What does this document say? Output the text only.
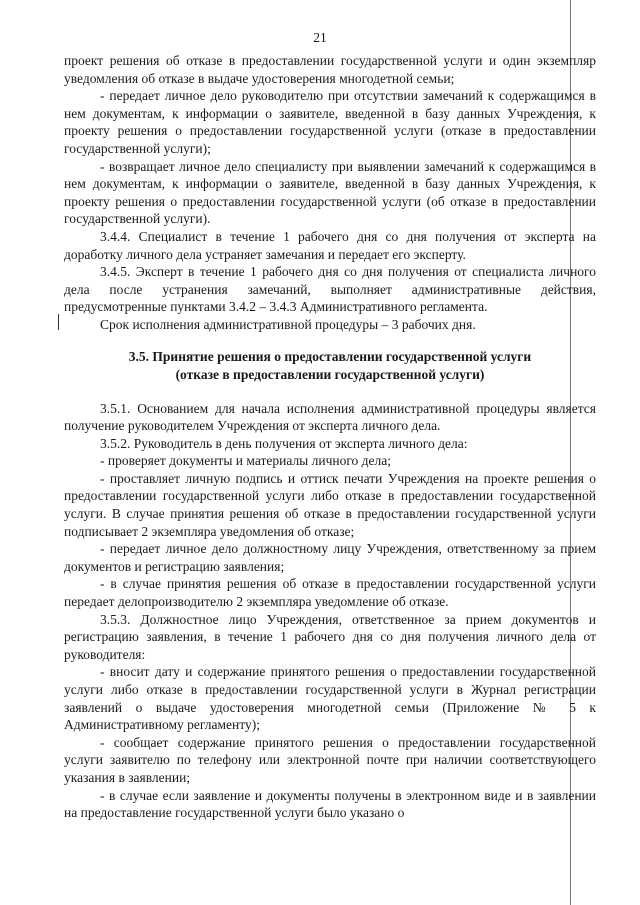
21

проект решения об отказе в предоставлении государственной услуги и один экземпляр уведомления об отказе в выдаче удостоверения многодетной семьи;

- передает личное дело руководителю при отсутствии замечаний к содержащимся в нем документам, к информации о заявителе, введенной в базу данных Учреждения, к проекту решения о предоставлении государственной услуги (отказе в предоставлении государственной услуги);

- возвращает личное дело специалисту при выявлении замечаний к содержащимся в нем документам, к информации о заявителе, введенной в базу данных Учреждения, к проекту решения о предоставлении государственной услуги (об отказе в предоставлении государственной услуги).

3.4.4. Специалист в течение 1 рабочего дня со дня получения от эксперта на доработку личного дела устраняет замечания и передает его эксперту.

3.4.5. Эксперт в течение 1 рабочего дня со дня получения от специалиста личного дела после устранения замечаний, выполняет административные действия, предусмотренные пунктами 3.4.2 – 3.4.3 Административного регламента.

Срок исполнения административной процедуры – 3 рабочих дня.

3.5. Принятие решения о предоставлении государственной услуги
(отказе в предоставлении государственной услуги)

3.5.1. Основанием для начала исполнения административной процедуры является получение руководителем Учреждения от эксперта личного дела.

3.5.2. Руководитель в день получения от эксперта личного дела:

- проверяет документы и материалы личного дела;

- проставляет личную подпись и оттиск печати Учреждения на проекте решения о предоставлении государственной услуги либо отказе в предоставлении государственной услуги. В случае принятия решения об отказе в предоставлении государственной услуги подписывает 2 экземпляра уведомления об отказе;

- передает личное дело должностному лицу Учреждения, ответственному за прием документов и регистрацию заявления;

- в случае принятия решения об отказе в предоставлении государственной услуги передает делопроизводителю 2 экземпляра уведомление об отказе.

3.5.3. Должностное лицо Учреждения, ответственное за прием документов и регистрацию заявления, в течение 1 рабочего дня со дня получения личного дела от руководителя:

- вносит дату и содержание принятого решения о предоставлении государственной услуги либо отказе в предоставлении государственной услуги в Журнал регистрации заявлений о выдаче удостоверения многодетной семьи (Приложение № 5 к Административному регламенту);

- сообщает содержание принятого решения о предоставлении государственной услуги заявителю по телефону или электронной почте при наличии соответствующего указания в заявлении;

- в случае если заявление и документы получены в электронном виде и в заявлении на предоставление государственной услуги было указано о
